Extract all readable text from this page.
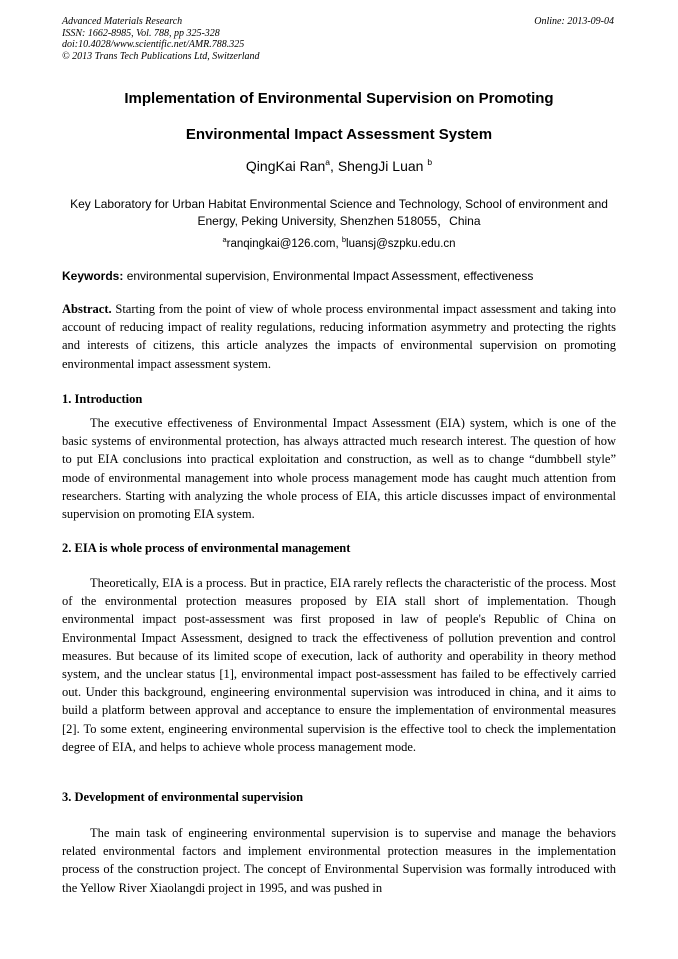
Advanced Materials Research
ISSN: 1662-8985, Vol. 788, pp 325-328
doi:10.4028/www.scientific.net/AMR.788.325
© 2013 Trans Tech Publications Ltd, Switzerland
Online: 2013-09-04
Implementation of Environmental Supervision on Promoting
Environmental Impact Assessment System
QingKai Ran$^a$, ShengJi Luan $^b$
Key Laboratory for Urban Habitat Environmental Science and Technology, School of environment and Energy, Peking University, Shenzhen 518055，China
$^a$ranqingkai@126.com, $^b$luansj@szpku.edu.cn
Keywords: environmental supervision, Environmental Impact Assessment, effectiveness
Abstract. Starting from the point of view of whole process environmental impact assessment and taking into account of reducing impact of reality regulations, reducing information asymmetry and protecting the rights and interests of citizens, this article analyzes the impacts of environmental supervision on promoting environmental impact assessment system.
1. Introduction
The executive effectiveness of Environmental Impact Assessment (EIA) system, which is one of the basic systems of environmental protection, has always attracted much research interest. The question of how to put EIA conclusions into practical exploitation and construction, as well as to change “dumbbell style” mode of environmental management into whole process management mode has caught much attention from researchers. Starting with analyzing the whole process of EIA, this article discusses impact of environmental supervision on promoting EIA system.
2. EIA is whole process of environmental management
Theoretically, EIA is a process. But in practice, EIA rarely reflects the characteristic of the process. Most of the environmental protection measures proposed by EIA stall short of implementation. Though environmental impact post-assessment was first proposed in law of people's Republic of China on Environmental Impact Assessment, designed to track the effectiveness of pollution prevention and control measures. But because of its limited scope of execution, lack of authority and operability in theory method system, and the unclear status [1], environmental impact post-assessment has failed to be effectively carried out. Under this background, engineering environmental supervision was introduced in china, and it aims to build a platform between approval and acceptance to ensure the implementation of environmental measures [2]. To some extent, engineering environmental supervision is the effective tool to check the implementation degree of EIA, and helps to achieve whole process management mode.
3. Development of environmental supervision
The main task of engineering environmental supervision is to supervise and manage the behaviors related environmental factors and implement environmental protection measures in the implementation process of the construction project. The concept of Environmental Supervision was formally introduced with the Yellow River Xiaolangdi project in 1995, and was pushed in
